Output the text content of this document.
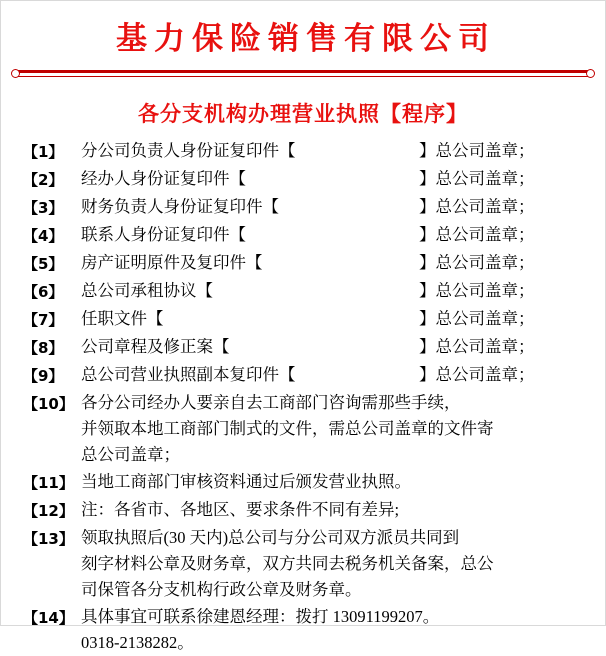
基力保险销售有限公司
各分支机构办理营业执照【程序】
【1】	分公司负责人身份证复印件【	】总公司盖章；
【2】	经办人身份证复印件【	】总公司盖章；
【3】	财务负责人身份证复印件【	】总公司盖章；
【4】	联系人身份证复印件【	】总公司盖章；
【5】	房产证明原件及复印件【	】总公司盖章；
【6】	总公司承租协议【	】总公司盖章；
【7】	任职文件【	】总公司盖章；
【8】	公司章程及修正案【	】总公司盖章；
【9】	总公司营业执照副本复印件【	】总公司盖章；
【10】 各分公司经办人要亲自去工商部门咨询需那些手续，
并领取本地工商部门制式的文件，需总公司盖章的文件寄
总公司盖章；
【11】 当地工商部门审核资料通过后颁发营业执照。
【12】 注：各省市、各地区、要求条件不同有差异;
【13】 领取执照后(30 天内)总公司与分公司双方派员共同到
刻字材料公章及财务章，双方共同去税务机关备案，总公
司保管各分支机构行政公章及财务章。
【14】 具体事宜可联系徐建恩经理：拨打 13091199207。
0318-2138282。
